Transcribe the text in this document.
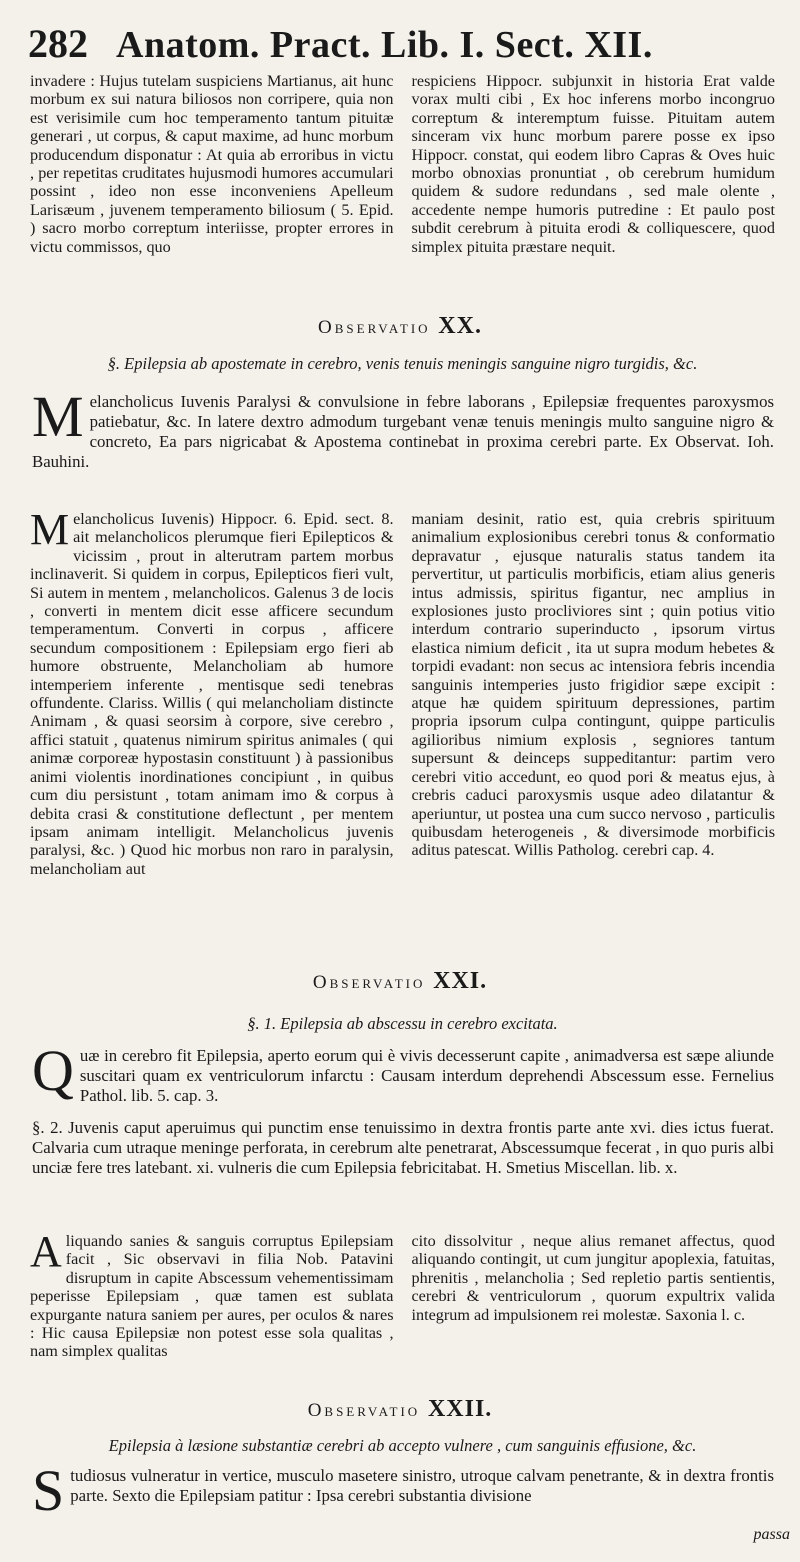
282 Anatom. Pract. Lib. I. Sect. XII.

invadere : Hujus tutelam suspiciens Martianus, ait hunc morbum ex sui natura biliosos non corripere, quia non est verisimile cum hoc temperamento tantum pituitæ generari , ut corpus, & caput maxime, ad hunc morbum producendum disponatur : At quia ab erroribus in victu , per repetitas cruditates hujusmodi humores accumulari possint , ideo non esse inconveniens Apelleum Larisæum , juvenem temperamento biliosum ( 5. Epid. ) sacro morbo correptum interiisse, propter errores in victu commissos, quo

respiciens Hippocr. subjunxit in historia Erat valde vorax multi cibi , Ex hoc inferens morbo incongruo correptum & interemptum fuisse. Pituitam autem sinceram vix hunc morbum parere posse ex ipso Hippocr. constat, qui eodem libro Capras & Oves huic morbo obnoxias pronuntiat , ob cerebrum humidum quidem & sudore redundans , sed male olente , accedente nempe humoris putredine : Et paulo post subdit cerebrum à pituita erodi & colliquescere, quod simplex pituita præstare nequit.

Observatio XX.
§. Epilepsia ab apostemate in cerebro, venis tenuis meningis sanguine nigro turgidis, &c.
M elancholicus Iuvenis Paralysi & convulsione in febre laborans , Epilepsiæ frequentes paroxysmos patiebatur, &c. In latere dextro admodum turgebant venæ tenuis meningis multo sanguine nigro & concreto, Ea pars nigricabat & Apostema continebat in proxima cerebri parte. Ex Observat. Ioh. Bauhini.

M elancholicus Iuvenis) Hippocr. 6. Epid. sect. 8. ait melancholicos plerumque fieri Epilepticos & vicissim , prout in alterutram partem morbus inclinaverit. Si quidem in corpus, Epilepticos fieri vult, Si autem in mentem , melancholicos. Galenus 3 de locis , converti in mentem dicit esse afficere secundum temperamentum. Converti in corpus , afficere secundum compositionem : Epilepsiam ergo fieri ab humore obstruente, Melancholiam ab humore intemperiem inferente , mentisque sedi tenebras offundente. Clariss. Willis ( qui melancholiam distincte Animam , & quasi seorsim à corpore, sive cerebro , affici statuit , quatenus nimirum spiritus animales ( qui animæ corporeæ hypostasin constituunt ) à passionibus animi violentis inordinationes concipiunt , in quibus cum diu persistunt , totam animam imo & corpus à debita crasi & constitutione deflectunt , per mentem ipsam animam intelligit. Melancholicus juvenis paralysi, &c. ) Quod hic morbus non raro in paralysin, melancholiam aut

maniam desinit, ratio est, quia crebris spirituum animalium explosionibus cerebri tonus & conformatio depravatur , ejusque naturalis status tandem ita pervertitur, ut particulis morbificis, etiam alius generis intus admissis, spiritus figantur, nec amplius in explosiones justo procliviores sint ; quin potius vitio interdum contrario superinducto , ipsorum virtus elastica nimium deficit , ita ut supra modum hebetes & torpidi evadant: non secus ac intensiora febris incendia sanguinis intemperies justo frigidior sæpe excipit : atque hæ quidem spirituum depressiones, partim propria ipsorum culpa contingunt, quippe particulis agilioribus nimium explosis , segniores tantum supersunt & deinceps suppeditantur: partim vero cerebri vitio accedunt, eo quod pori & meatus ejus, à crebris caduci paroxysmis usque adeo dilatantur & aperiuntur, ut postea una cum succo nervoso , particulis quibusdam heterogeneis , & diversimode morbificis aditus patescat. Willis Patholog. cerebri cap. 4.

Observatio XXI.
§. 1. Epilepsia ab abscessu in cerebro excitata.
Q uæ in cerebro fit Epilepsia, aperto eorum qui è vivis decesserunt capite , animadversa est sæpe aliunde suscitari quam ex ventriculorum infarctu : Causam interdum deprehendi Abscessum esse. Fernelius Pathol. lib. 5. cap. 3.

§. 2. Juvenis caput aperuimus qui punctim ense tenuissimo in dextra frontis parte ante xvi. dies ictus fuerat. Calvaria cum utraque meninge perforata, in cerebrum alte penetrarat, Abscessumque fecerat , in quo puris albi unciæ fere tres latebant. xi. vulneris die cum Epilepsia febricitabat. H. Smetius Miscellan. lib. x.

A liquando sanies & sanguis corruptus Epilepsiam facit , Sic observavi in filia Nob. Patavini disruptum in capite Abscessum vehementissimam peperisse Epilepsiam , quæ tamen est sublata expurgante natura saniem per aures, per oculos & nares : Hic causa Epilepsiæ non potest esse sola qualitas , nam simplex qualitas

cito dissolvitur , neque alius remanet affectus, quod aliquando contingit, ut cum jungitur apoplexia, fatuitas, phrenitis , melancholia ; Sed repletio partis sentientis, cerebri & ventriculorum , quorum expultrix valida integrum ad impulsionem rei molestæ. Saxonia l. c.

Observatio XXII.
Epilepsia à læsione substantiæ cerebri ab accepto vulnere , cum sanguinis effusione, &c.
S tudiosus vulneratur in vertice, musculo masetere sinistro, utroque calvam penetrante, & in dextra frontis parte. Sexto die Epilepsiam patitur : Ipsa cerebri substantia divisione

passa
